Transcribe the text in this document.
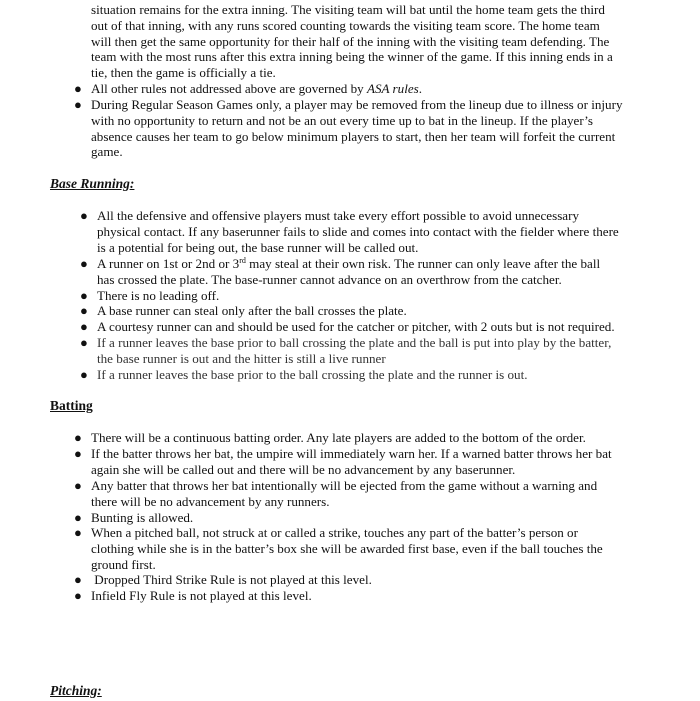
situation remains for the extra inning. The visiting team will bat until the home team gets the third
out of that inning, with any runs scored counting towards the visiting team score. The home team
will then get the same opportunity for their half of the inning with the visiting team defending. The
team with the most runs after this extra inning being the winner of the game. If this inning ends in a
tie, then the game is officially a tie.
● All other rules not addressed above are governed by ASA rules.
● During Regular Season Games only, a player may be removed from the lineup due to illness or injury
with no opportunity to return and not be an out every time up to bat in the lineup. If the player’s
absence causes her team to go below minimum players to start, then her team will forfeit the current
game.
Base Running:
● All the defensive and offensive players must take every effort possible to avoid unnecessary
physical contact. If any baserunner fails to slide and comes into contact with the fielder where there
is a potential for being out, the base runner will be called out.
● A runner on 1st or 2nd or 3rd may steal at their own risk. The runner can only leave after the ball
has crossed the plate. The base-runner cannot advance on an overthrow from the catcher.
● There is no leading off.
● A base runner can steal only after the ball crosses the plate.
● A courtesy runner can and should be used for the catcher or pitcher, with 2 outs but is not required.
● If a runner leaves the base prior to ball crossing the plate and the ball is put into play by the batter,
the base runner is out and the hitter is still a live runner
● If a runner leaves the base prior to the ball crossing the plate and the runner is out.
Batting
● There will be a continuous batting order. Any late players are added to the bottom of the order.
● If the batter throws her bat, the umpire will immediately warn her. If a warned batter throws her bat
again she will be called out and there will be no advancement by any baserunner.
● Any batter that throws her bat intentionally will be ejected from the game without a warning and
there will be no advancement by any runners.
● Bunting is allowed.
● When a pitched ball, not struck at or called a strike, touches any part of the batter’s person or
clothing while she is in the batter’s box she will be awarded first base, even if the ball touches the
ground first.
● Dropped Third Strike Rule is not played at this level.
● Infield Fly Rule is not played at this level.
Pitching:
